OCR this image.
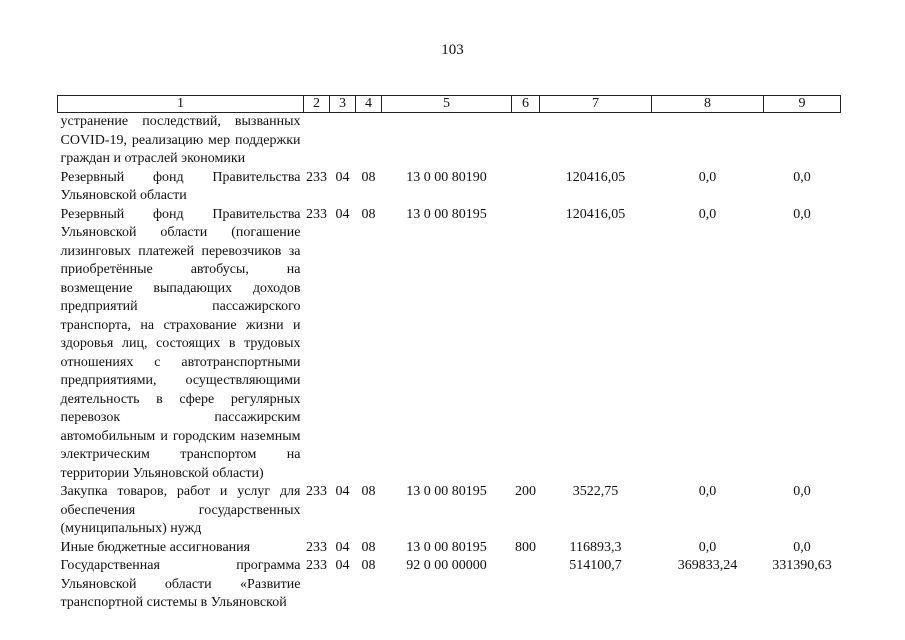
103
1	2	3	4	5	6	7	8	9
устранение последствий, вызванных COVID-19, реализацию мер поддержки граждан и отраслей экономики								
Резервный фонд Правительства Ульяновской области	233	04	08	13 0 00 80190		120416,05	0,0	0,0
Резервный фонд Правительства Ульяновской области (погашение лизинговых платежей перевозчиков за приобретённые автобусы, на возмещение выпадающих доходов предприятий пассажирского транспорта, на страхование жизни и здоровья лиц, состоящих в трудовых отношениях с автотранспортными предприятиями, осуществляющими деятельность в сфере регулярных перевозок пассажирским автомобильным и городским наземным электрическим транспортом на территории Ульяновской области)	233	04	08	13 0 00 80195		120416,05	0,0	0,0
Закупка товаров, работ и услуг для обеспечения государственных (муниципальных) нужд	233	04	08	13 0 00 80195	200	3522,75	0,0	0,0
Иные бюджетные ассигнования	233	04	08	13 0 00 80195	800	116893,3	0,0	0,0
Государственная программа Ульяновской области «Развитие транспортной системы в Ульяновской	233	04	08	92 0 00 00000		514100,7	369833,24	331390,63
